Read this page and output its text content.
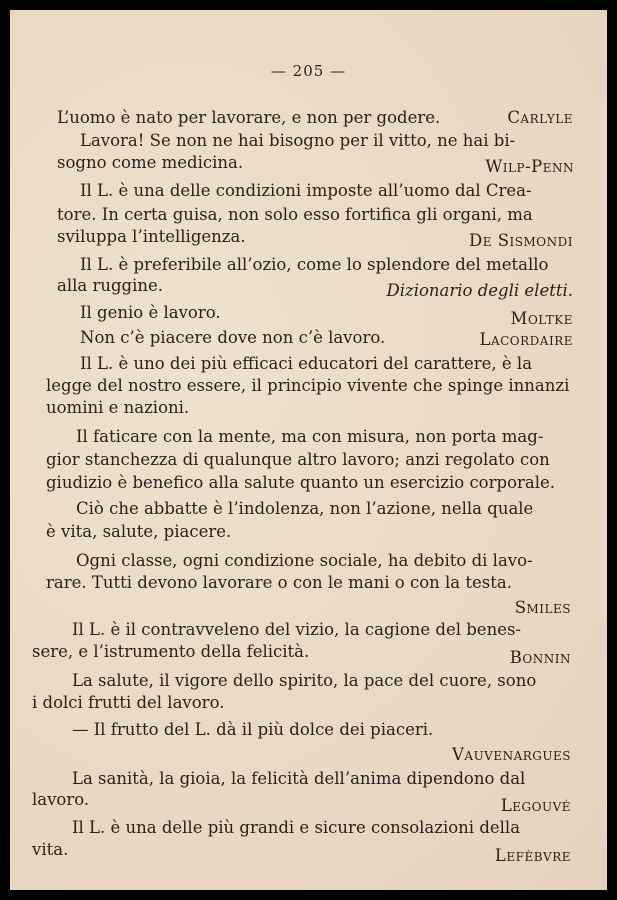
— 205 —
L’uomo è nato per lavorare, e non per godere.	Carlyle
Lavora! Se non ne hai bisogno per il vitto, ne hai bi-
sogno come medicina.	Wilp-Penn
Il L. è una delle condizioni imposte all’uomo dal Crea-
tore. In certa guisa, non solo esso fortifica gli organi, ma
sviluppa l’intelligenza.	De Sismondi
Il L. è preferibile all’ozio, come lo splendore del metallo
alla ruggine.	Dizionario degli eletti.
Il genio è lavoro.	Moltke
Non c’è piacere dove non c’è lavoro.	Lacordaire
Il L. è uno dei più efficaci educatori del carattere, è la
legge del nostro essere, il principio vivente che spinge innanzi
uomini e nazioni.
Il faticare con la mente, ma con misura, non porta mag-
gior stanchezza di qualunque altro lavoro; anzi regolato con
giudizio è benefico alla salute quanto un esercizio corporale.
Ciò che abbatte è l’indolenza, non l’azione, nella quale
è vita, salute, piacere.
Ogni classe, ogni condizione sociale, ha debito di lavo-
rare. Tutti devono lavorare o con le mani o con la testa.
Smiles
Il L. è il contravveleno del vizio, la cagione del benes-
sere, e l’istrumento della felicità.	Bonnin
La salute, il vigore dello spirito, la pace del cuore, sono
i dolci frutti del lavoro.
— Il frutto del L. dà il più dolce dei piaceri.
Vauvenargues
La sanità, la gioia, la felicità dell’anima dipendono dal
lavoro.	Legouvé
Il L. è una delle più grandi e sicure consolazioni della
vita.	Lefèbvre
